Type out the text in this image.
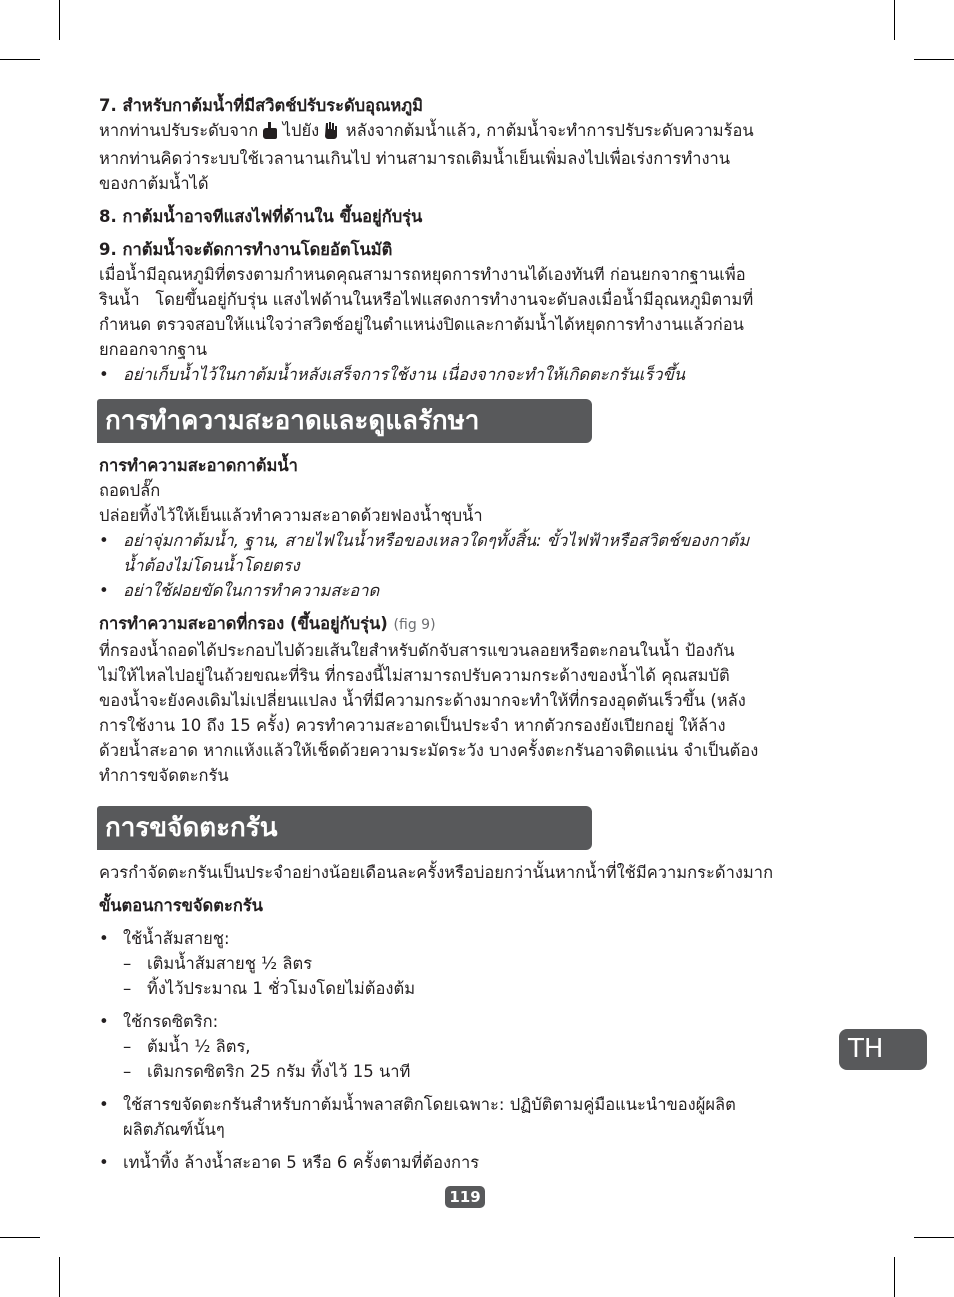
7. สำหรับกาต้มน้ำที่มีสวิตช์ปรับระดับอุณหภูมิ

หากท่านปรับระดับจาก ไปยัง หลังจากต้มน้ำแล้ว, กาต้มน้ำจะทำการปรับระดับความร้อน

หากท่านคิดว่าระบบใช้เวลานานเกินไป ท่านสามารถเติมน้ำเย็นเพิ่มลงไปเพื่อเร่งการทำงาน

ของกาต้มน้ำได้

8. กาต้มน้ำอาจทีแสงไฟที่ด้านใน ขึ้นอยู่กับรุ่น

9. กาต้มน้ำจะตัดการทำงานโดยอัตโนมัติ

เมื่อน้ำมีอุณหภูมิที่ตรงตามกำหนดคุณสามารถหยุดการทำงานได้เองทันที ก่อนยกจากฐานเพื่อ

รินน้ำ   โดยขึ้นอยู่กับรุ่น แสงไฟด้านในหรือไฟแสดงการทำงานจะดับลงเมื่อน้ำมีอุณหภูมิตามที่

กำหนด ตรวจสอบให้แน่ใจว่าสวิตช์อยู่ในตำแหน่งปิดและกาต้มน้ำได้หยุดการทำงานแล้วก่อน

ยกออกจากฐาน

• อย่าเก็บน้ำไว้ในกาต้มน้ำหลังเสร็จการใช้งาน เนื่องจากจะทำให้เกิดตะกรันเร็วขึ้น

การทำความสะอาดและดูแลรักษา

การทำความสะอาดกาต้มน้ำ

ถอดปลั๊ก

ปล่อยทิ้งไว้ให้เย็นแล้วทำความสะอาดด้วยฟองน้ำชุบน้ำ

• อย่าจุ่มกาต้มน้ำ, ฐาน, สายไฟในน้ำหรือของเหลวใดๆทั้งสิ้น: ขั้วไฟฟ้าหรือสวิตช์ของกาต้ม
น้ำต้องไม่โดนน้ำโดยตรง

• อย่าใช้ฝอยขัดในการทำความสะอาด

การทำความสะอาดที่กรอง (ขึ้นอยู่กับรุ่น) (fig 9)

ที่กรองน้ำถอดได้ประกอบไปด้วยเส้นใยสำหรับดักจับสารแขวนลอยหรือตะกอนในน้ำ ป้องกัน

ไม่ให้ไหลไปอยู่ในถ้วยขณะที่ริน ที่กรองนี้ไม่สามารถปรับความกระด้างของน้ำได้ คุณสมบัติ

ของน้ำจะยังคงเดิมไม่เปลี่ยนแปลง น้ำที่มีความกระด้างมากจะทำให้ที่กรองอุดตันเร็วขึ้น (หลัง

การใช้งาน 10 ถึง 15 ครั้ง) ควรทำความสะอาดเป็นประจำ หากตัวกรองยังเปียกอยู่ ให้ล้าง

ด้วยน้ำสะอาด หากแห้งแล้วให้เช็ดด้วยความระมัดระวัง บางครั้งตะกรันอาจติดแน่น จำเป็นต้อง

ทำการขจัดตะกรัน

การขจัดตะกรัน

ควรกำจัดตะกรันเป็นประจำอย่างน้อยเดือนละครั้งหรือบ่อยกว่านั้นหากน้ำที่ใช้มีความกระด้างมาก

ขั้นตอนการขจัดตะกรัน

• ใช้น้ำส้มสายชู:

– เติมน้ำส้มสายชู ½ ลิตร

– ทิ้งไว้ประมาณ 1 ชั่วโมงโดยไม่ต้องต้ม

• ใช้กรดซิตริก:

– ต้มน้ำ ½ ลิตร,

– เติมกรดซิตริก 25 กรัม ทิ้งไว้ 15 นาที

• ใช้สารขจัดตะกรันสำหรับกาต้มน้ำพลาสติกโดยเฉพาะ: ปฏิบัติตามคู่มือแนะนำของผู้ผลิต
ผลิตภัณฑ์นั้นๆ

• เทน้ำทิ้ง ล้างน้ำสะอาด 5 หรือ 6 ครั้งตามที่ต้องการ

TH
119
